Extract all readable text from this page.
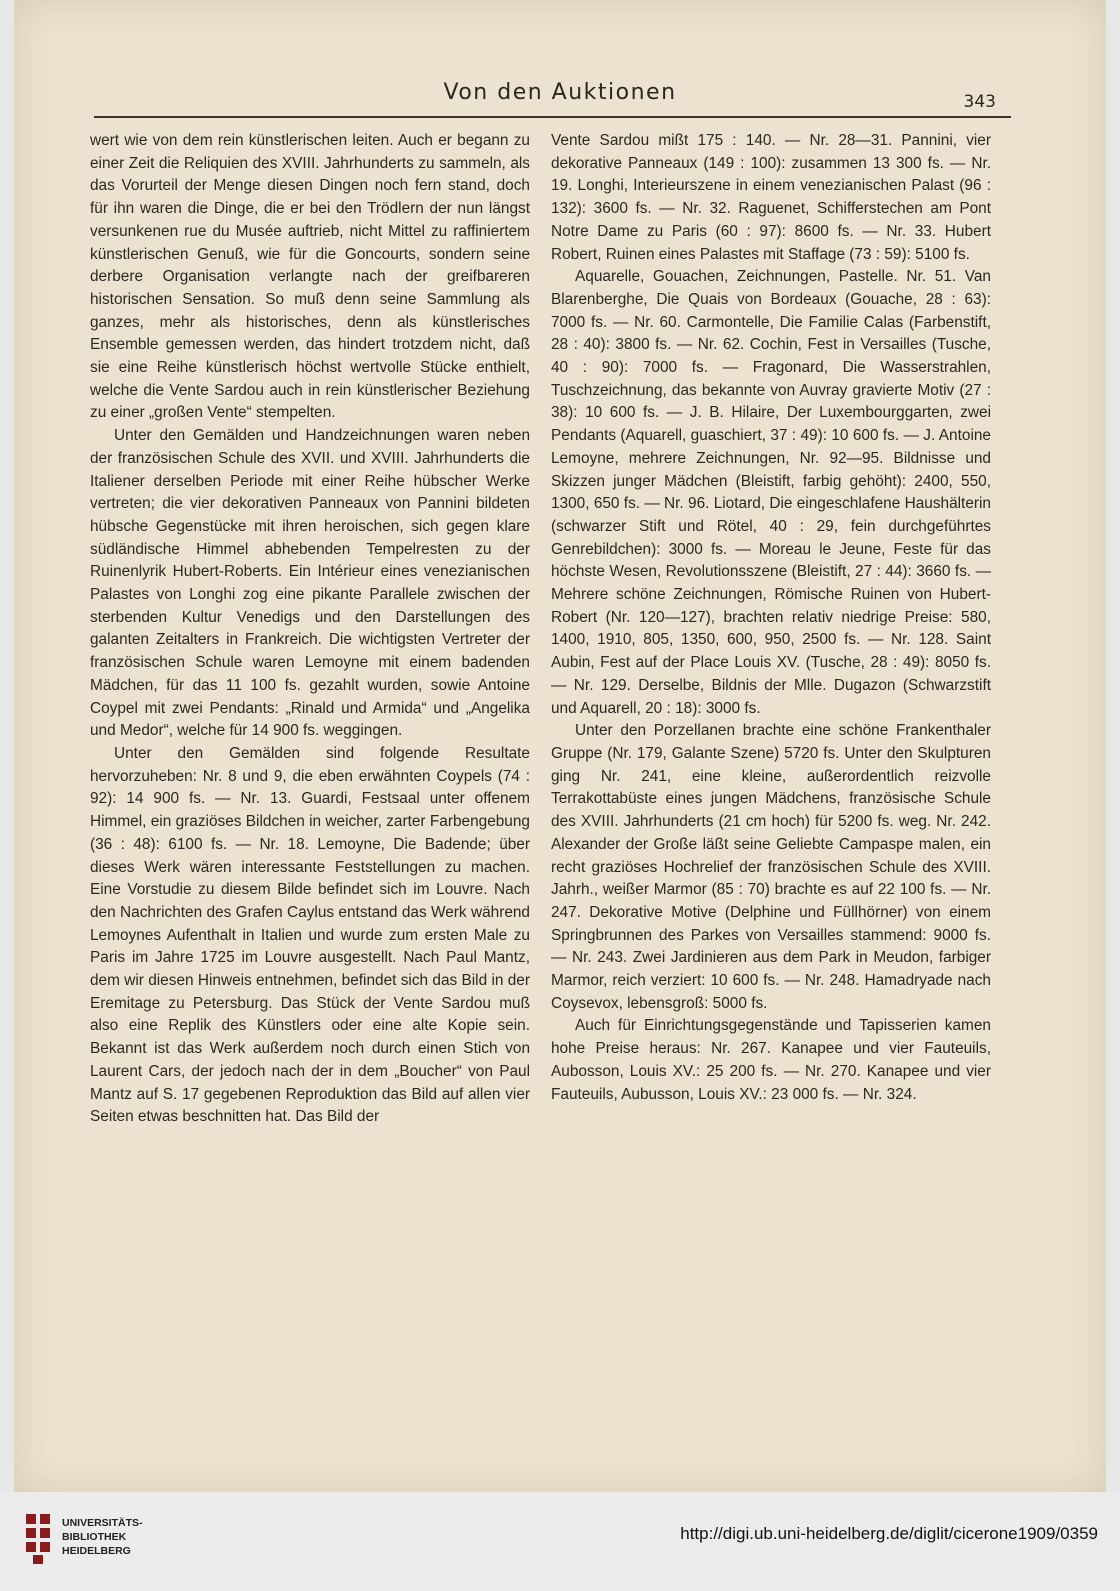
Von den Auktionen	343

wert wie von dem rein künstlerischen leiten. Auch er begann zu einer Zeit die Reliquien des XVIII. Jahrhunderts zu sammeln, als das Vorurteil der Menge diesen Dingen noch fern stand, doch für ihn waren die Dinge, die er bei den Trödlern der nun längst versunkenen rue du Musée auftrieb, nicht Mittel zu raffiniertem künstlerischen Genuß, wie für die Goncourts, sondern seine derbere Organisation verlangte nach der greifbareren historischen Sensation. So muß denn seine Sammlung als ganzes, mehr als historisches, denn als künstlerisches Ensemble gemessen werden, das hindert trotzdem nicht, daß sie eine Reihe künstlerisch höchst wertvolle Stücke enthielt, welche die Vente Sardou auch in rein künstlerischer Beziehung zu einer „großen Vente“ stempelten.

Unter den Gemälden und Handzeichnungen waren neben der französischen Schule des XVII. und XVIII. Jahrhunderts die Italiener derselben Periode mit einer Reihe hübscher Werke vertreten; die vier dekorativen Panneaux von Pannini bildeten hübsche Gegenstücke mit ihren heroischen, sich gegen klare südländische Himmel abhebenden Tempelresten zu der Ruinenlyrik Hubert-Roberts. Ein Intérieur eines venezianischen Palastes von Longhi zog eine pikante Parallele zwischen der sterbenden Kultur Venedigs und den Darstellungen des galanten Zeitalters in Frankreich. Die wichtigsten Vertreter der französischen Schule waren Lemoyne mit einem badenden Mädchen, für das 11 100 fs. gezahlt wurden, sowie Antoine Coypel mit zwei Pendants: „Rinald und Armida“ und „Angelika und Medor“, welche für 14 900 fs. weggingen.

Unter den Gemälden sind folgende Resultate hervorzuheben: Nr. 8 und 9, die eben erwähnten Coypels (74 : 92): 14 900 fs. — Nr. 13. Guardi, Festsaal unter offenem Himmel, ein graziöses Bildchen in weicher, zarter Farbengebung (36 : 48): 6100 fs. — Nr. 18. Lemoyne, Die Badende; über dieses Werk wären interessante Feststellungen zu machen. Eine Vorstudie zu diesem Bilde befindet sich im Louvre. Nach den Nachrichten des Grafen Caylus entstand das Werk während Lemoynes Aufenthalt in Italien und wurde zum ersten Male zu Paris im Jahre 1725 im Louvre ausgestellt. Nach Paul Mantz, dem wir diesen Hinweis entnehmen, befindet sich das Bild in der Eremitage zu Petersburg. Das Stück der Vente Sardou muß also eine Replik des Künstlers oder eine alte Kopie sein. Bekannt ist das Werk außerdem noch durch einen Stich von Laurent Cars, der jedoch nach der in dem „Boucher“ von Paul Mantz auf S. 17 gegebenen Reproduktion das Bild auf allen vier Seiten etwas beschnitten hat. Das Bild der

Vente Sardou mißt 175 : 140. — Nr. 28—31. Pannini, vier dekorative Panneaux (149 : 100): zusammen 13 300 fs. — Nr. 19. Longhi, Interieurszene in einem venezianischen Palast (96 : 132): 3600 fs. — Nr. 32. Raguenet, Schifferstechen am Pont Notre Dame zu Paris (60 : 97): 8600 fs. — Nr. 33. Hubert Robert, Ruinen eines Palastes mit Staffage (73 : 59): 5100 fs.

Aquarelle, Gouachen, Zeichnungen, Pastelle. Nr. 51. Van Blarenberghe, Die Quais von Bordeaux (Gouache, 28 : 63): 7000 fs. — Nr. 60. Carmontelle, Die Familie Calas (Farbenstift, 28 : 40): 3800 fs. — Nr. 62. Cochin, Fest in Versailles (Tusche, 40 : 90): 7000 fs. — Fragonard, Die Wasserstrahlen, Tuschzeichnung, das bekannte von Auvray gravierte Motiv (27 : 38): 10 600 fs. — J. B. Hilaire, Der Luxembourggarten, zwei Pendants (Aquarell, guaschiert, 37 : 49): 10 600 fs. — J. Antoine Lemoyne, mehrere Zeichnungen, Nr. 92—95. Bildnisse und Skizzen junger Mädchen (Bleistift, farbig gehöht): 2400, 550, 1300, 650 fs. — Nr. 96. Liotard, Die eingeschlafene Haushälterin (schwarzer Stift und Rötel, 40 : 29, fein durchgeführtes Genrebildchen): 3000 fs. — Moreau le Jeune, Feste für das höchste Wesen, Revolutionsszene (Bleistift, 27 : 44): 3660 fs. — Mehrere schöne Zeichnungen, Römische Ruinen von Hubert-Robert (Nr. 120—127), brachten relativ niedrige Preise: 580, 1400, 1910, 805, 1350, 600, 950, 2500 fs. — Nr. 128. Saint Aubin, Fest auf der Place Louis XV. (Tusche, 28 : 49): 8050 fs. — Nr. 129. Derselbe, Bildnis der Mlle. Dugazon (Schwarzstift und Aquarell, 20 : 18): 3000 fs.

Unter den Porzellanen brachte eine schöne Frankenthaler Gruppe (Nr. 179, Galante Szene) 5720 fs. Unter den Skulpturen ging Nr. 241, eine kleine, außerordentlich reizvolle Terrakottabüste eines jungen Mädchens, französische Schule des XVIII. Jahrhunderts (21 cm hoch) für 5200 fs. weg. Nr. 242. Alexander der Große läßt seine Geliebte Campaspe malen, ein recht graziöses Hochrelief der französischen Schule des XVIII. Jahrh., weißer Marmor (85 : 70) brachte es auf 22 100 fs. — Nr. 247. Dekorative Motive (Delphine und Füllhörner) von einem Springbrunnen des Parkes von Versailles stammend: 9000 fs. — Nr. 243. Zwei Jardinieren aus dem Park in Meudon, farbiger Marmor, reich verziert: 10 600 fs. — Nr. 248. Hamadryade nach Coysevox, lebensgroß: 5000 fs.

Auch für Einrichtungsgegenstände und Tapisserien kamen hohe Preise heraus: Nr. 267. Kanapee und vier Fauteuils, Aubosson, Louis XV.: 25 200 fs. — Nr. 270. Kanapee und vier Fauteuils, Aubusson, Louis XV.: 23 000 fs. — Nr. 324.

UNIVERSITÄTS-
BIBLIOTHEK
HEIDELBERG
http://digi.ub.uni-heidelberg.de/diglit/cicerone1909/0359
